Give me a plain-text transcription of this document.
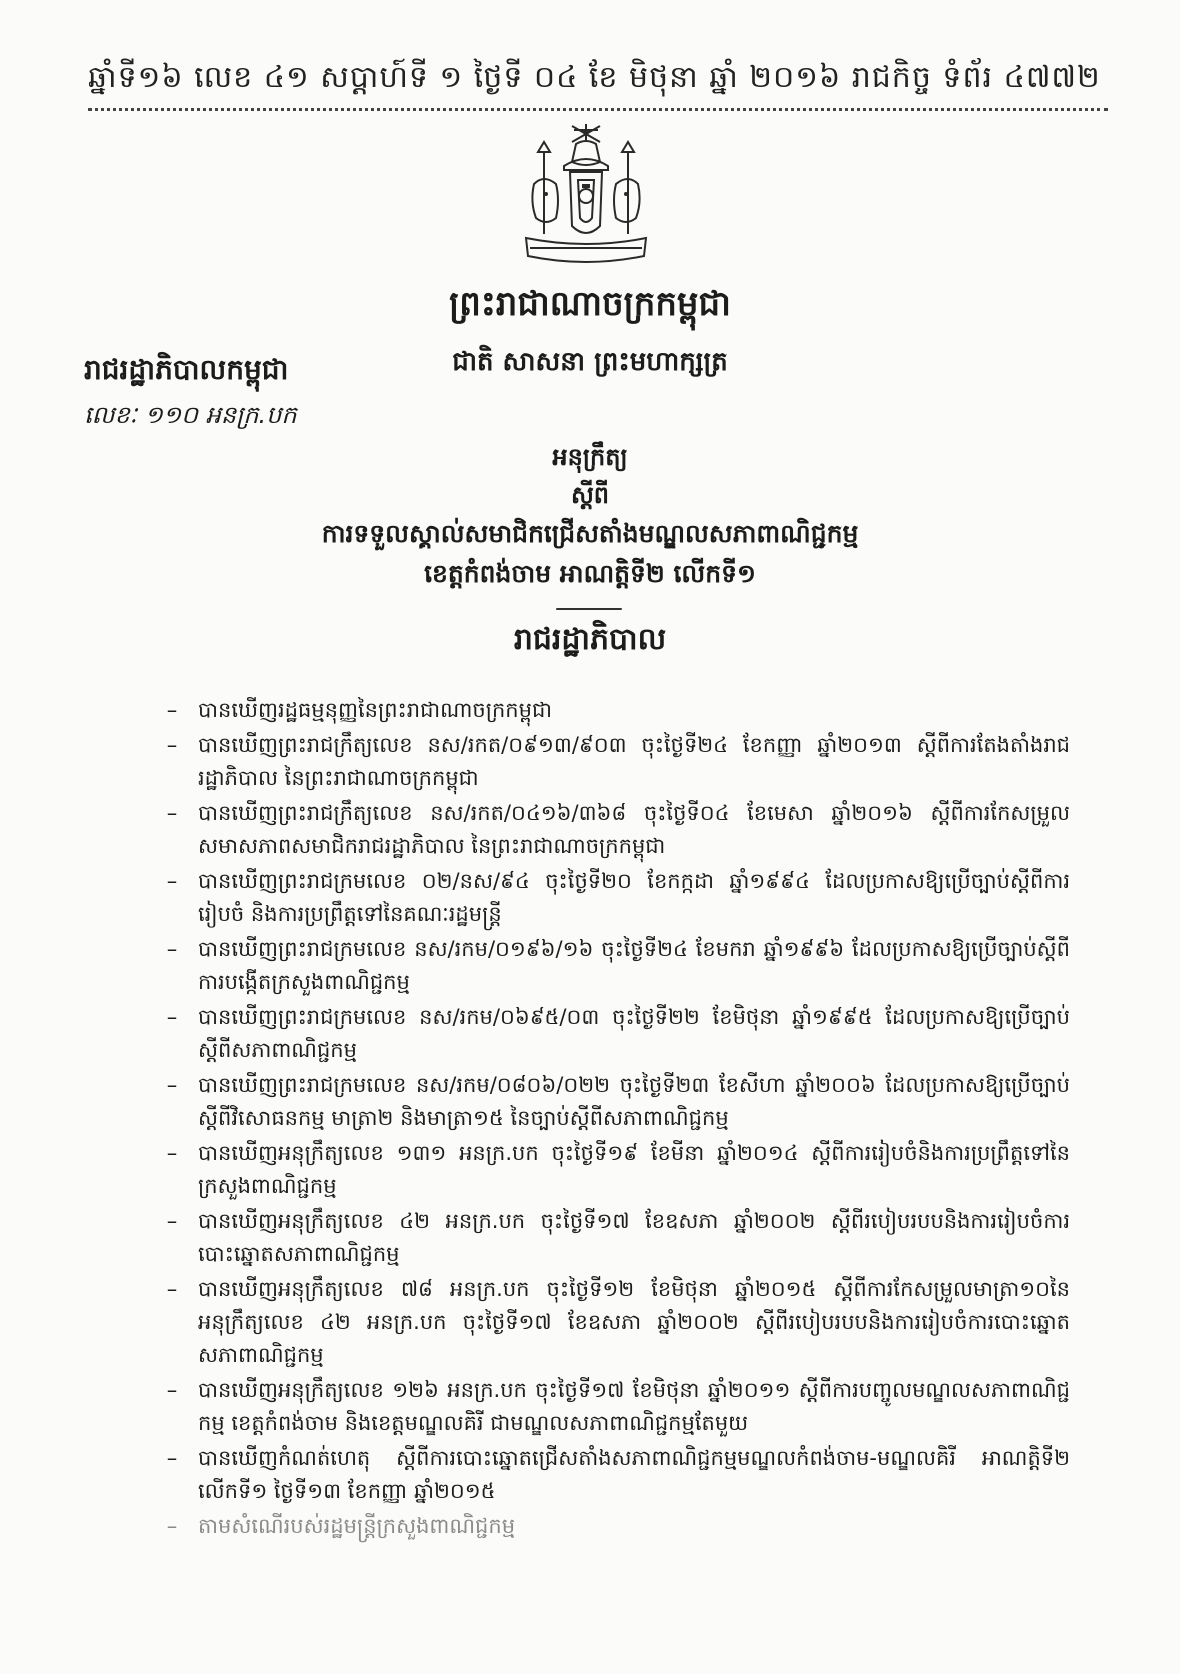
ឆ្នាំទី១៦ លេខ ៤១ សប្តាហ៍ទី ១ ថ្ងៃទី ០៤ ខែ មិថុនា ឆ្នាំ ២០១៦ រាជកិច្ច ទំព័រ ៤៧៧២
ព្រះរាជាណាចក្រកម្ពុជា
ជាតិ សាសនា ព្រះមហាក្សត្រ
រាជរដ្ឋាភិបាលកម្ពុជា
លេខៈ ១១០ អនក្រ.បក
អនុក្រឹត្យ
ស្តីពី
ការទទួលស្គាល់សមាជិកជ្រើសតាំងមណ្ឌលសភាពាណិជ្ជកម្ម
ខេត្តកំពង់ចាម អាណត្តិទី២ លើកទី១
រាជរដ្ឋាភិបាល
– បានឃើញរដ្ឋធម្មនុញ្ញនៃព្រះរាជាណាចក្រកម្ពុជា
– បានឃើញព្រះរាជក្រឹត្យលេខ នស/រកត/០៩១៣/៩០៣ ចុះថ្ងៃទី២៤ ខែកញ្ញា ឆ្នាំ២០១៣ ស្តីពីការតែងតាំងរាជរដ្ឋាភិបាល នៃព្រះរាជាណាចក្រកម្ពុជា
– បានឃើញព្រះរាជក្រឹត្យលេខ នស/រកត/០៤១៦/៣៦៨ ចុះថ្ងៃទី០៤ ខែមេសា ឆ្នាំ២០១៦ ស្តីពីការកែសម្រួលសមាសភាពសមាជិករាជរដ្ឋាភិបាល នៃព្រះរាជាណាចក្រកម្ពុជា
– បានឃើញព្រះរាជក្រមលេខ ០២/នស/៩៤ ចុះថ្ងៃទី២០ ខែកក្កដា ឆ្នាំ១៩៩៤ ដែលប្រកាសឱ្យប្រើច្បាប់ស្តីពីការរៀបចំ និងការប្រព្រឹត្តទៅនៃគណៈរដ្ឋមន្ត្រី
– បានឃើញព្រះរាជក្រមលេខ នស/រកម/០១៩៦/១៦ ចុះថ្ងៃទី២៤ ខែមករា ឆ្នាំ១៩៩៦ ដែលប្រកាសឱ្យប្រើច្បាប់ស្តីពីការបង្កើតក្រសួងពាណិជ្ជកម្ម
– បានឃើញព្រះរាជក្រមលេខ នស/រកម/០៦៩៥/០៣ ចុះថ្ងៃទី២២ ខែមិថុនា ឆ្នាំ១៩៩៥ ដែលប្រកាសឱ្យប្រើច្បាប់ស្តីពីសភាពាណិជ្ជកម្ម
– បានឃើញព្រះរាជក្រមលេខ នស/រកម/០៨០៦/០២២ ចុះថ្ងៃទី២៣ ខែសីហា ឆ្នាំ២០០៦ ដែលប្រកាសឱ្យប្រើច្បាប់ស្តីពីវិសោធនកម្ម មាត្រា២ និងមាត្រា១៥ នៃច្បាប់ស្តីពីសភាពាណិជ្ជកម្ម
– បានឃើញអនុក្រឹត្យលេខ ១៣១ អនក្រ.បក ចុះថ្ងៃទី១៩ ខែមីនា ឆ្នាំ២០១៤ ស្តីពីការរៀបចំនិងការប្រព្រឹត្តទៅនៃក្រសួងពាណិជ្ជកម្ម
– បានឃើញអនុក្រឹត្យលេខ ៤២ អនក្រ.បក ចុះថ្ងៃទី១៧ ខែឧសភា ឆ្នាំ២០០២ ស្តីពីរបៀបរបបនិងការរៀបចំការបោះឆ្នោតសភាពាណិជ្ជកម្ម
– បានឃើញអនុក្រឹត្យលេខ ៧៨ អនក្រ.បក ចុះថ្ងៃទី១២ ខែមិថុនា ឆ្នាំ២០១៥ ស្តីពីការកែសម្រួលមាត្រា១០នៃអនុក្រឹត្យលេខ ៤២ អនក្រ.បក ចុះថ្ងៃទី១៧ ខែឧសភា ឆ្នាំ២០០២ ស្តីពីរបៀបរបបនិងការរៀបចំការបោះឆ្នោតសភាពាណិជ្ជកម្ម
– បានឃើញអនុក្រឹត្យលេខ ១២៦ អនក្រ.បក ចុះថ្ងៃទី១៧ ខែមិថុនា ឆ្នាំ២០១១ ស្តីពីការបញ្ចូលមណ្ឌលសភាពាណិជ្ជកម្ម ខេត្តកំពង់ចាម និងខេត្តមណ្ឌលគិរី ជាមណ្ឌលសភាពាណិជ្ជកម្មតែមួយ
– បានឃើញកំណត់ហេតុ ស្តីពីការបោះឆ្នោតជ្រើសតាំងសភាពាណិជ្ជកម្មមណ្ឌលកំពង់ចាម-មណ្ឌលគិរី អាណត្តិទី២ លើកទី១ ថ្ងៃទី១៣ ខែកញ្ញា ឆ្នាំ២០១៥
– តាមសំណើរបស់រដ្ឋមន្ត្រីក្រសួងពាណិជ្ជកម្ម
